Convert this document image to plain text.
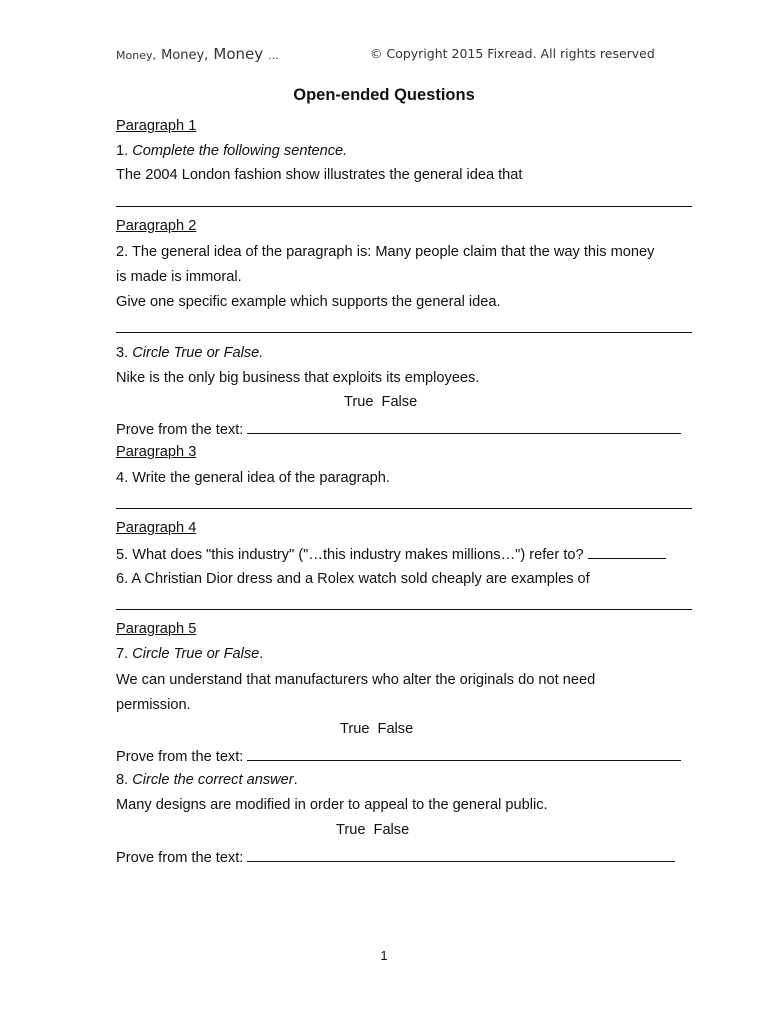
Money, Money, Money ...	© Copyright 2015 Fixread. All rights reserved
Open-ended Questions
Paragraph 1
1. Complete the following sentence.
The 2004 London fashion show illustrates the general idea that
Paragraph 2
2. The general idea of the paragraph is: Many people claim that the way this money
is made is immoral.
Give one specific example which supports the general idea.
3. Circle True or False.
Nike is the only big business that exploits its employees.
True False
Prove from the text:
Paragraph 3
4. Write the general idea of the paragraph.
Paragraph 4
5. What does "this industry" ("…this industry makes millions…") refer to?
6. A Christian Dior dress and a Rolex watch sold cheaply are examples of
Paragraph 5
7. Circle True or False.
We can understand that manufacturers who alter the originals do not need
permission.
True False
Prove from the text:
8. Circle the correct answer.
Many designs are modified in order to appeal to the general public.
True False
Prove from the text:
1
